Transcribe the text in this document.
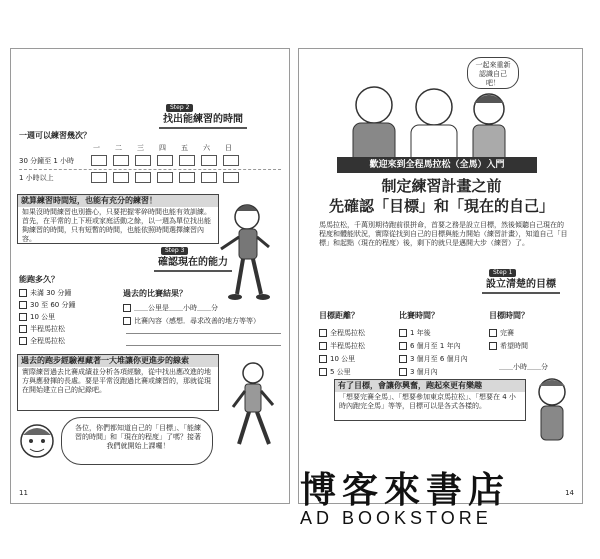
Step 2
找出能練習的時間
一週可以練習幾次？
一 二 三 四 五 六 日
30 分鐘至 1 小時
1 小時以上
就算練習時間短，也能有充分的練習！
如果沒時間練習也別擔心，只要把握零碎時間也能有效訓練。首先，在平常的上下班或家庭活動之餘，以一週為單位找出能夠練習的時間，只有短暫的時間，也能依照時間選擇練習內容。
Step 3
確認現在的能力
能跑多久？
未滿 30 分鐘
30 至 60 分鐘
10 公里
半程馬拉松
全程馬拉松
過去的比賽結果？
＿＿公里是＿＿小時＿＿分
比賽內容（感想．尋求改善的地方等等）
過去的跑步經驗裡藏著一大堆讓你更進步的線索
實際練習過去比賽成績並分析各項經驗，從中找出應改進的地方與應發揮的長處。要是平常沒跑過比賽或練習的，那就從現在開始建立自己的紀錄吧。
各位，你們都知道自己的「目標」、「能練習的時間」和「現在的程度」了嗎？接著我們就開始上課囉！
11
一起來重新認識自己吧！
歡迎來到全程馬拉松（全馬）入門
制定練習計畫之前
先確認「目標」和「現在的自己」
馬馬拉松，千萬別期待跑前很拼命，首要之務是設立目標，然後傾聽自己現在的程度和體能狀況，實際從找到自己的目標與能力開始（練習計畫），知道自己「目標」和起點（現在的程度）後，剩下的就只是邁開大步（練習）了。
Step 1
設立清楚的目標
目標距離？
全程馬拉松
半程馬拉松
10 公里
5 公里
比賽時間？
1 年後
6 個月至 1 年內
3 個月至 6 個月內
3 個月內
目標時間？
完賽
希望時間
＿＿小時＿＿分
有了目標，會讓你興奮，跑起來更有樂趣
「想要完賽全馬」、「想要參加東京馬拉松」、「想要在 4 小時內跑完全馬」等等，目標可以是各式各樣的。
14
博客來書店
AD BOOKSTORE
